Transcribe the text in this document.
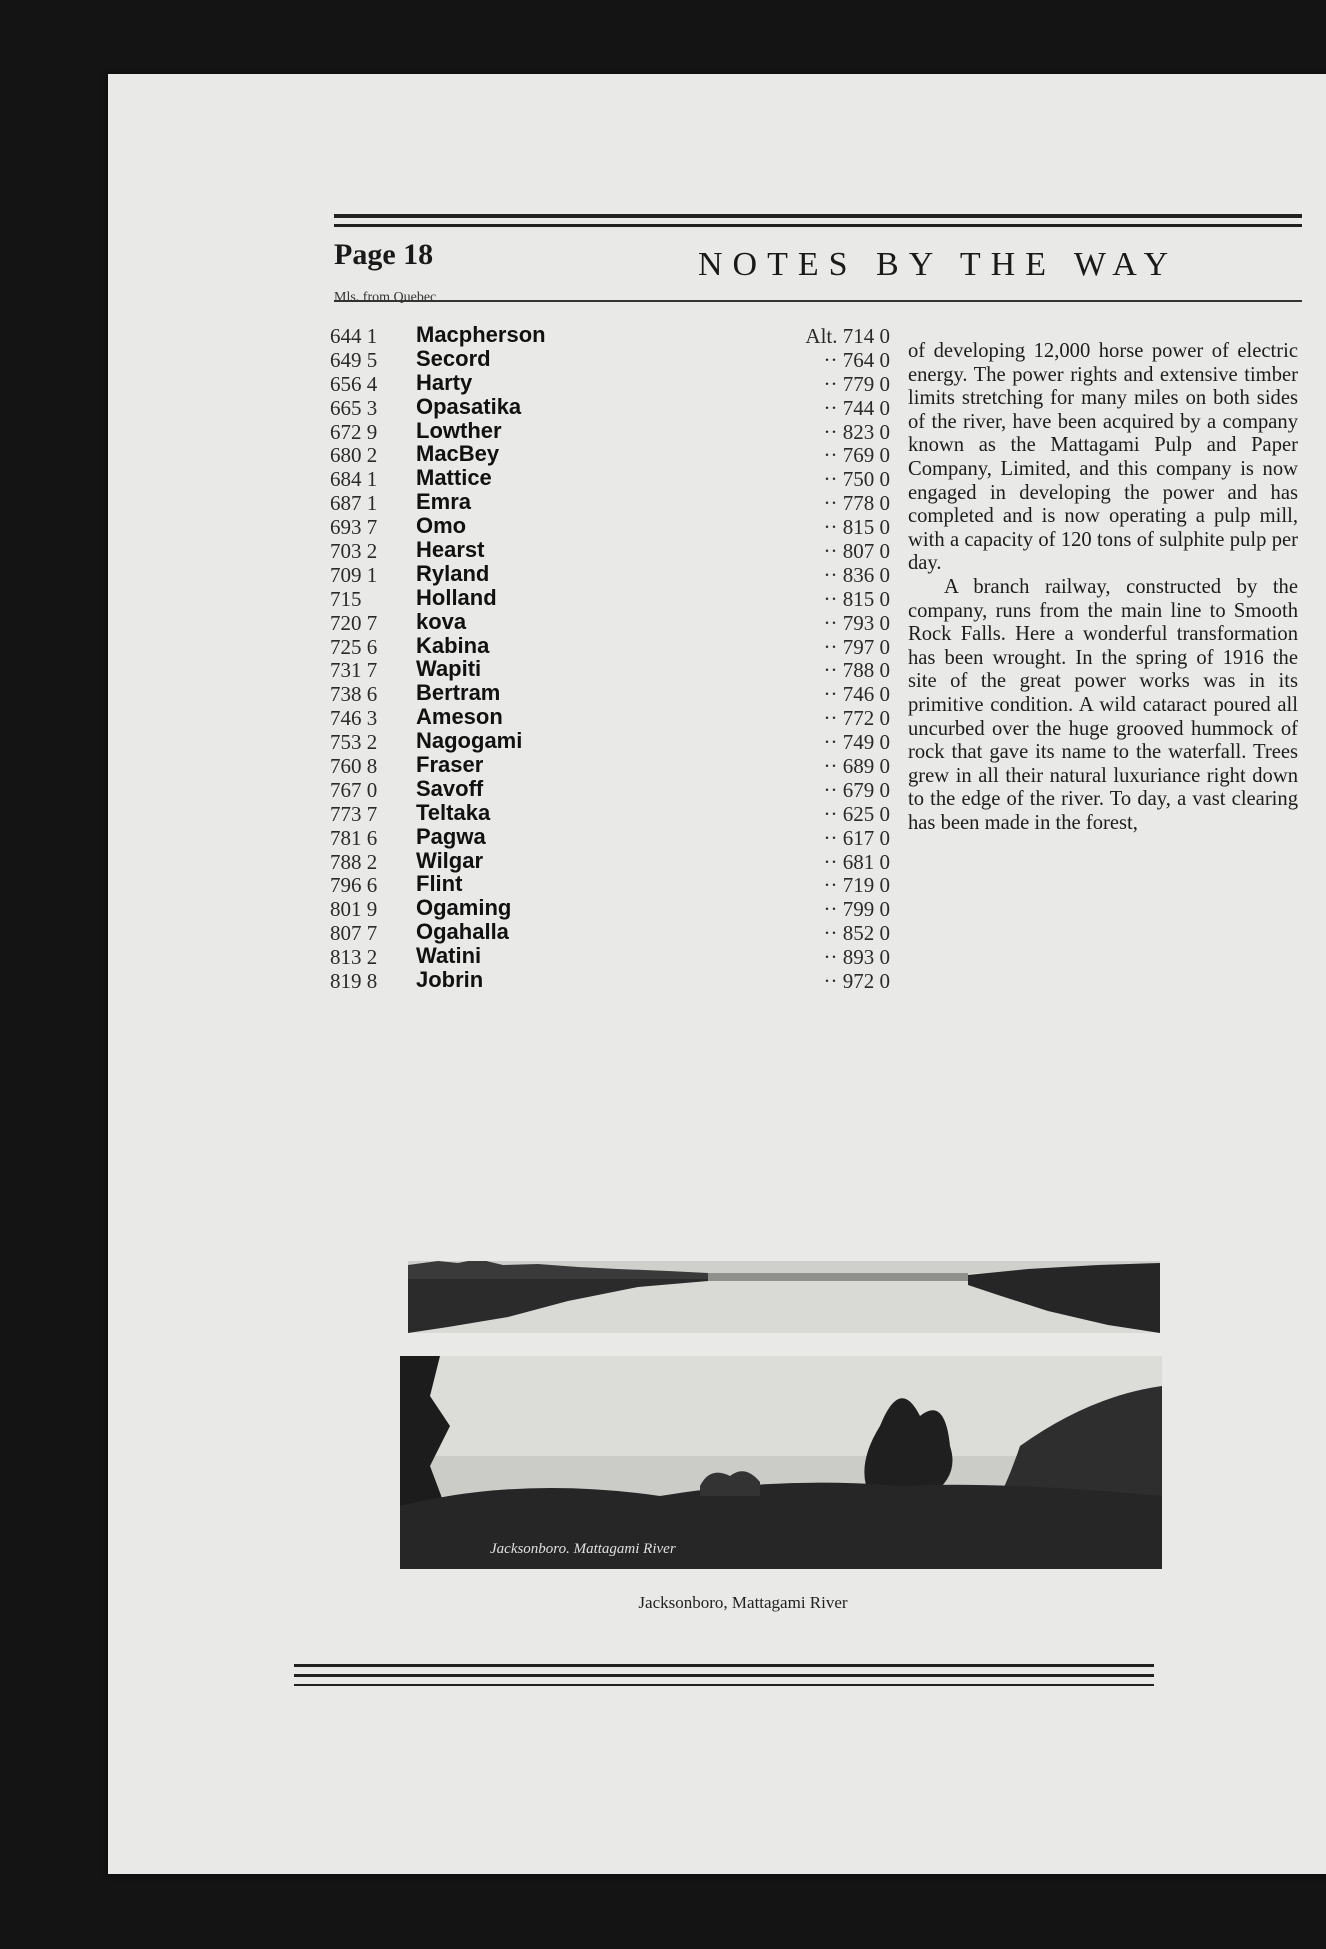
Page 18	NOTES BY THE WAY
Mls. from Quebec
644 1	Macpherson	Alt. 714 0
649 5	Secord	·· 764 0
656 4	Harty	·· 779 0
665 3	Opasatika	·· 744 0
672 9	Lowther	·· 823 0
680 2	MacBey	·· 769 0
684 1	Mattice	·· 750 0
687 1	Emra	·· 778 0
693 7	Omo	·· 815 0
703 2	Hearst	·· 807 0
709 1	Ryland	·· 836 0
715	Holland	·· 815 0
720 7	kova	·· 793 0
725 6	Kabina	·· 797 0
731 7	Wapiti	·· 788 0
738 6	Bertram	·· 746 0
746 3	Ameson	·· 772 0
753 2	Nagogami	·· 749 0
760 8	Fraser	·· 689 0
767 0	Savoff	·· 679 0
773 7	Teltaka	·· 625 0
781 6	Pagwa	·· 617 0
788 2	Wilgar	·· 681 0
796 6	Flint	·· 719 0
801 9	Ogaming	·· 799 0
807 7	Ogahalla	·· 852 0
813 2	Watini	·· 893 0
819 8	Jobrin	·· 972 0

of developing 12,000 horse power of electric energy. The power rights and extensive timber limits stretching for many miles on both sides of the river, have been acquired by a company known as the Mattagami Pulp and Paper Company, Limited, and this company is now engaged in developing the power and has completed and is now operating a pulp mill, with a capacity of 120 tons of sulphite pulp per day.

A branch railway, constructed by the company, runs from the main line to Smooth Rock Falls. Here a wonderful transformation has been wrought. In the spring of 1916 the site of the great power works was in its primitive condition. A wild cataract poured all uncurbed over the huge grooved hummock of rock that gave its name to the waterfall. Trees grew in all their natural luxuriance right down to the edge of the river. To day, a vast clearing has been made in the forest,

Jacksonboro. Mattagami River
Jacksonboro, Mattagami River
